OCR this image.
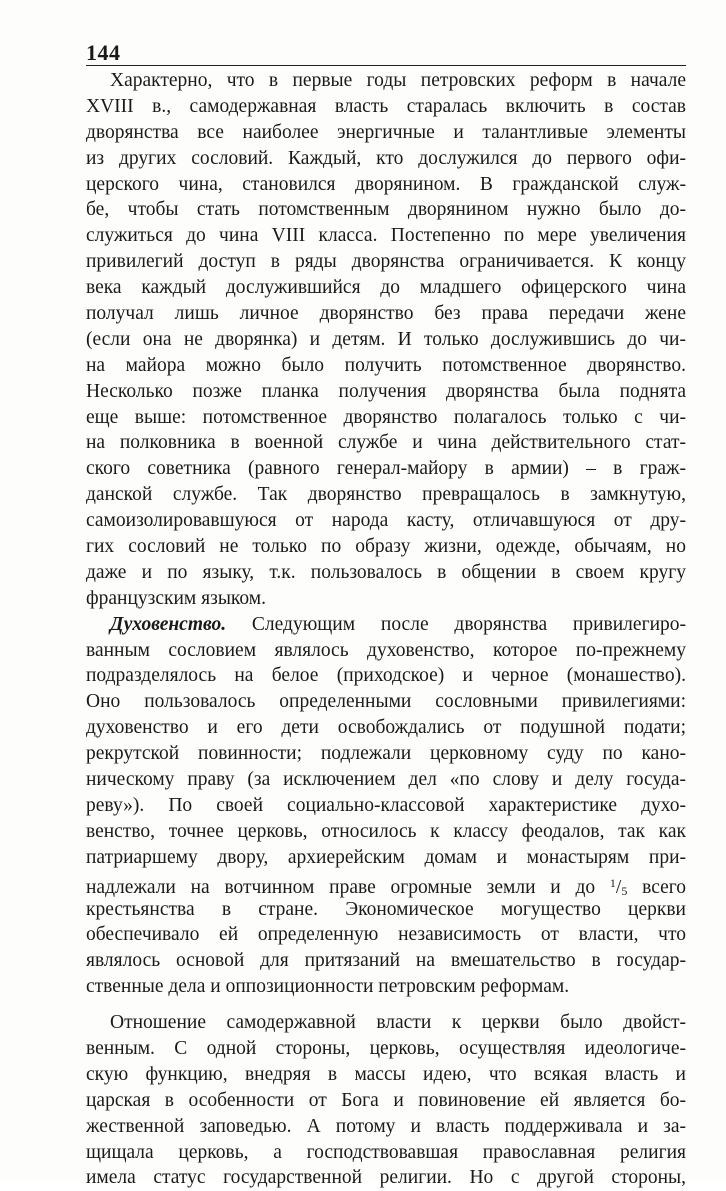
144
Характерно, что в первые годы петровских реформ в начале
XVIII в., самодержавная власть старалась включить в состав
дворянства все наиболее энергичные и талантливые элементы
из других сословий. Каждый, кто дослужился до первого офи-
церского чина, становился дворянином. В гражданской служ-
бе, чтобы стать потомственным дворянином нужно было до-
служиться до чина VIII класса. Постепенно по мере увеличения
привилегий доступ в ряды дворянства ограничивается. К концу
века каждый дослужившийся до младшего офицерского чина
получал лишь личное дворянство без права передачи жене
(если она не дворянка) и детям. И только дослужившись до чи-
на майора можно было получить потомственное дворянство.
Несколько позже планка получения дворянства была поднята
еще выше: потомственное дворянство полагалось только с чи-
на полковника в военной службе и чина действительного стат-
ского советника (равного генерал-майору в армии) – в граж-
данской службе. Так дворянство превращалось в замкнутую,
самоизолировавшуюся от народа касту, отличавшуюся от дру-
гих сословий не только по образу жизни, одежде, обычаям, но
даже и по языку, т.к. пользовалось в общении в своем кругу
французским языком.
Духовенство. Следующим после дворянства привилегиро-
ванным сословием являлось духовенство, которое по-прежнему
подразделялось на белое (приходское) и черное (монашество).
Оно пользовалось определенными сословными привилегиями:
духовенство и его дети освобождались от подушной подати;
рекрутской повинности; подлежали церковному суду по кано-
ническому праву (за исключением дел «по слову и делу госуда-
реву»). По своей социально-классовой характеристике духо-
венство, точнее церковь, относилось к классу феодалов, так как
патриаршему двору, архиерейским домам и монастырям при-
надлежали на вотчинном праве огромные земли и до $^1$/5 всего
крестьянства в стране. Экономическое могущество церкви
обеспечивало ей определенную независимость от власти, что
являлось основой для притязаний на вмешательство в государ-
ственные дела и оппозиционности петровским реформам.
Отношение самодержавной власти к церкви было двойст-
венным. С одной стороны, церковь, осуществляя идеологиче-
скую функцию, внедряя в массы идею, что всякая власть и
царская в особенности от Бога и повиновение ей является бо-
жественной заповедью. А потому и власть поддерживала и за-
щищала церковь, а господствовавшая православная религия
имела статус государственной религии. Но с другой стороны,
